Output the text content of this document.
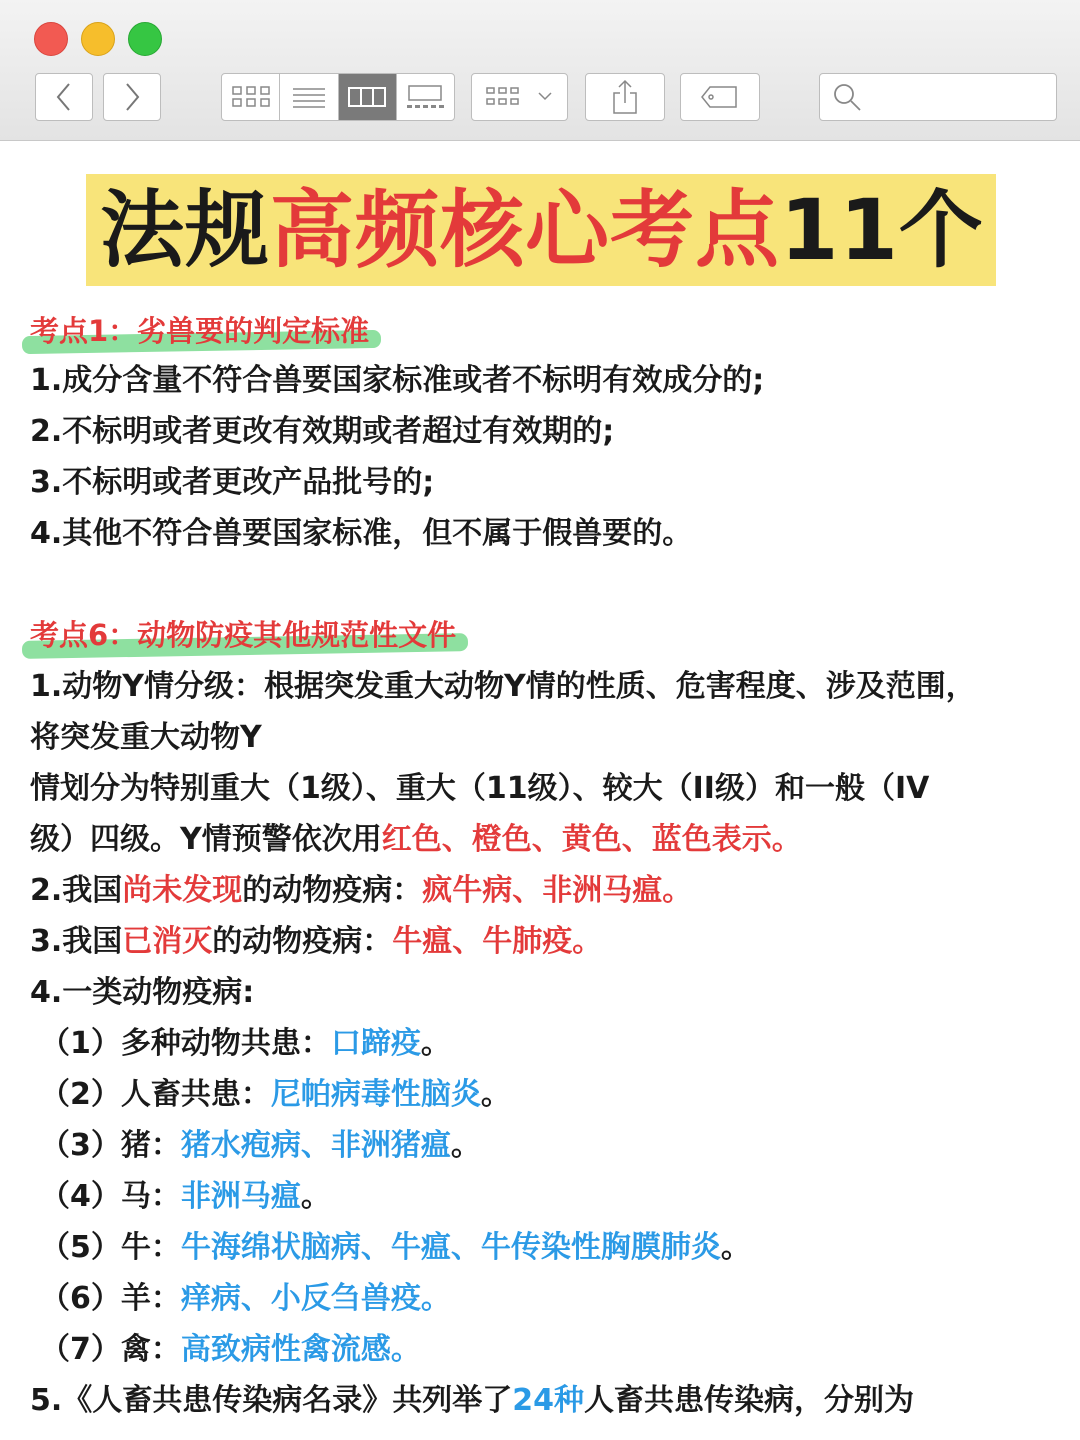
法规高频核心考点11个
考点1：劣兽要的判定标准
1.成分含量不符合兽要国家标准或者不标明有效成分的;
2.不标明或者更改有效期或者超过有效期的;
3.不标明或者更改产品批号的;
4.其他不符合兽要国家标准，但不属于假兽要的。
考点6：动物防疫其他规范性文件
1.动物Y情分级：根据突发重大动物Y情的性质、危害程度、涉及范围，
将突发重大动物Y
情划分为特别重大（1级）、重大（11级）、较大（II级）和一般（IV
级）四级。Y情预警依次用红色、橙色、黄色、蓝色表示。
2.我国尚未发现的动物疫病：疯牛病、非洲马瘟。
3.我国已消灭的动物疫病：牛瘟、牛肺疫。
4.一类动物疫病:
（1）多种动物共患：口蹄疫。
（2）人畜共患：尼帕病毒性脑炎。
（3）猪：猪水疱病、非洲猪瘟。
（4）马：非洲马瘟。
（5）牛：牛海绵状脑病、牛瘟、牛传染性胸膜肺炎。
（6）羊：痒病、小反刍兽疫。
（7）禽：高致病性禽流感。
5.《人畜共患传染病名录》共列举了24种人畜共患传染病，分别为
